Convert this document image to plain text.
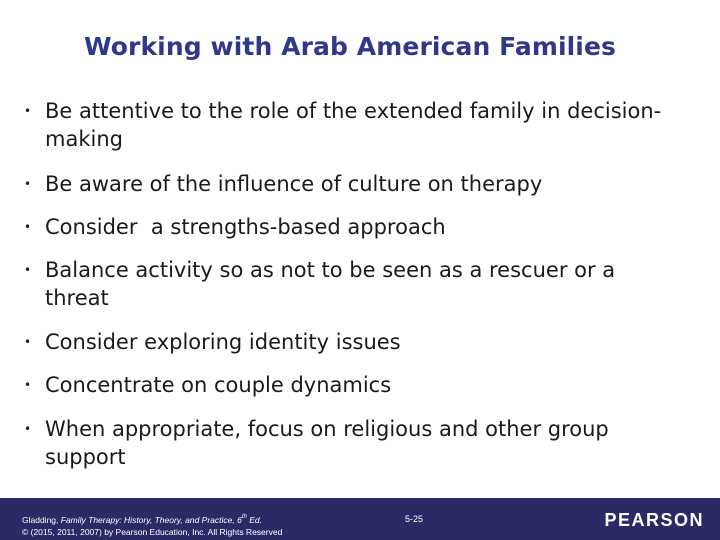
Working with Arab American Families
• Be attentive to the role of the extended family in decision-making
• Be aware of the influence of culture on therapy
• Consider  a strengths-based approach
• Balance activity so as not to be seen as a rescuer or a threat
• Consider exploring identity issues
• Concentrate on couple dynamics
• When appropriate, focus on religious and other group support
Gladding, Family Therapy: History, Theory, and Practice, 6th Ed.
© (2015, 2011, 2007) by Pearson Education, Inc. All Rights Reserved
5-25	PEARSON
